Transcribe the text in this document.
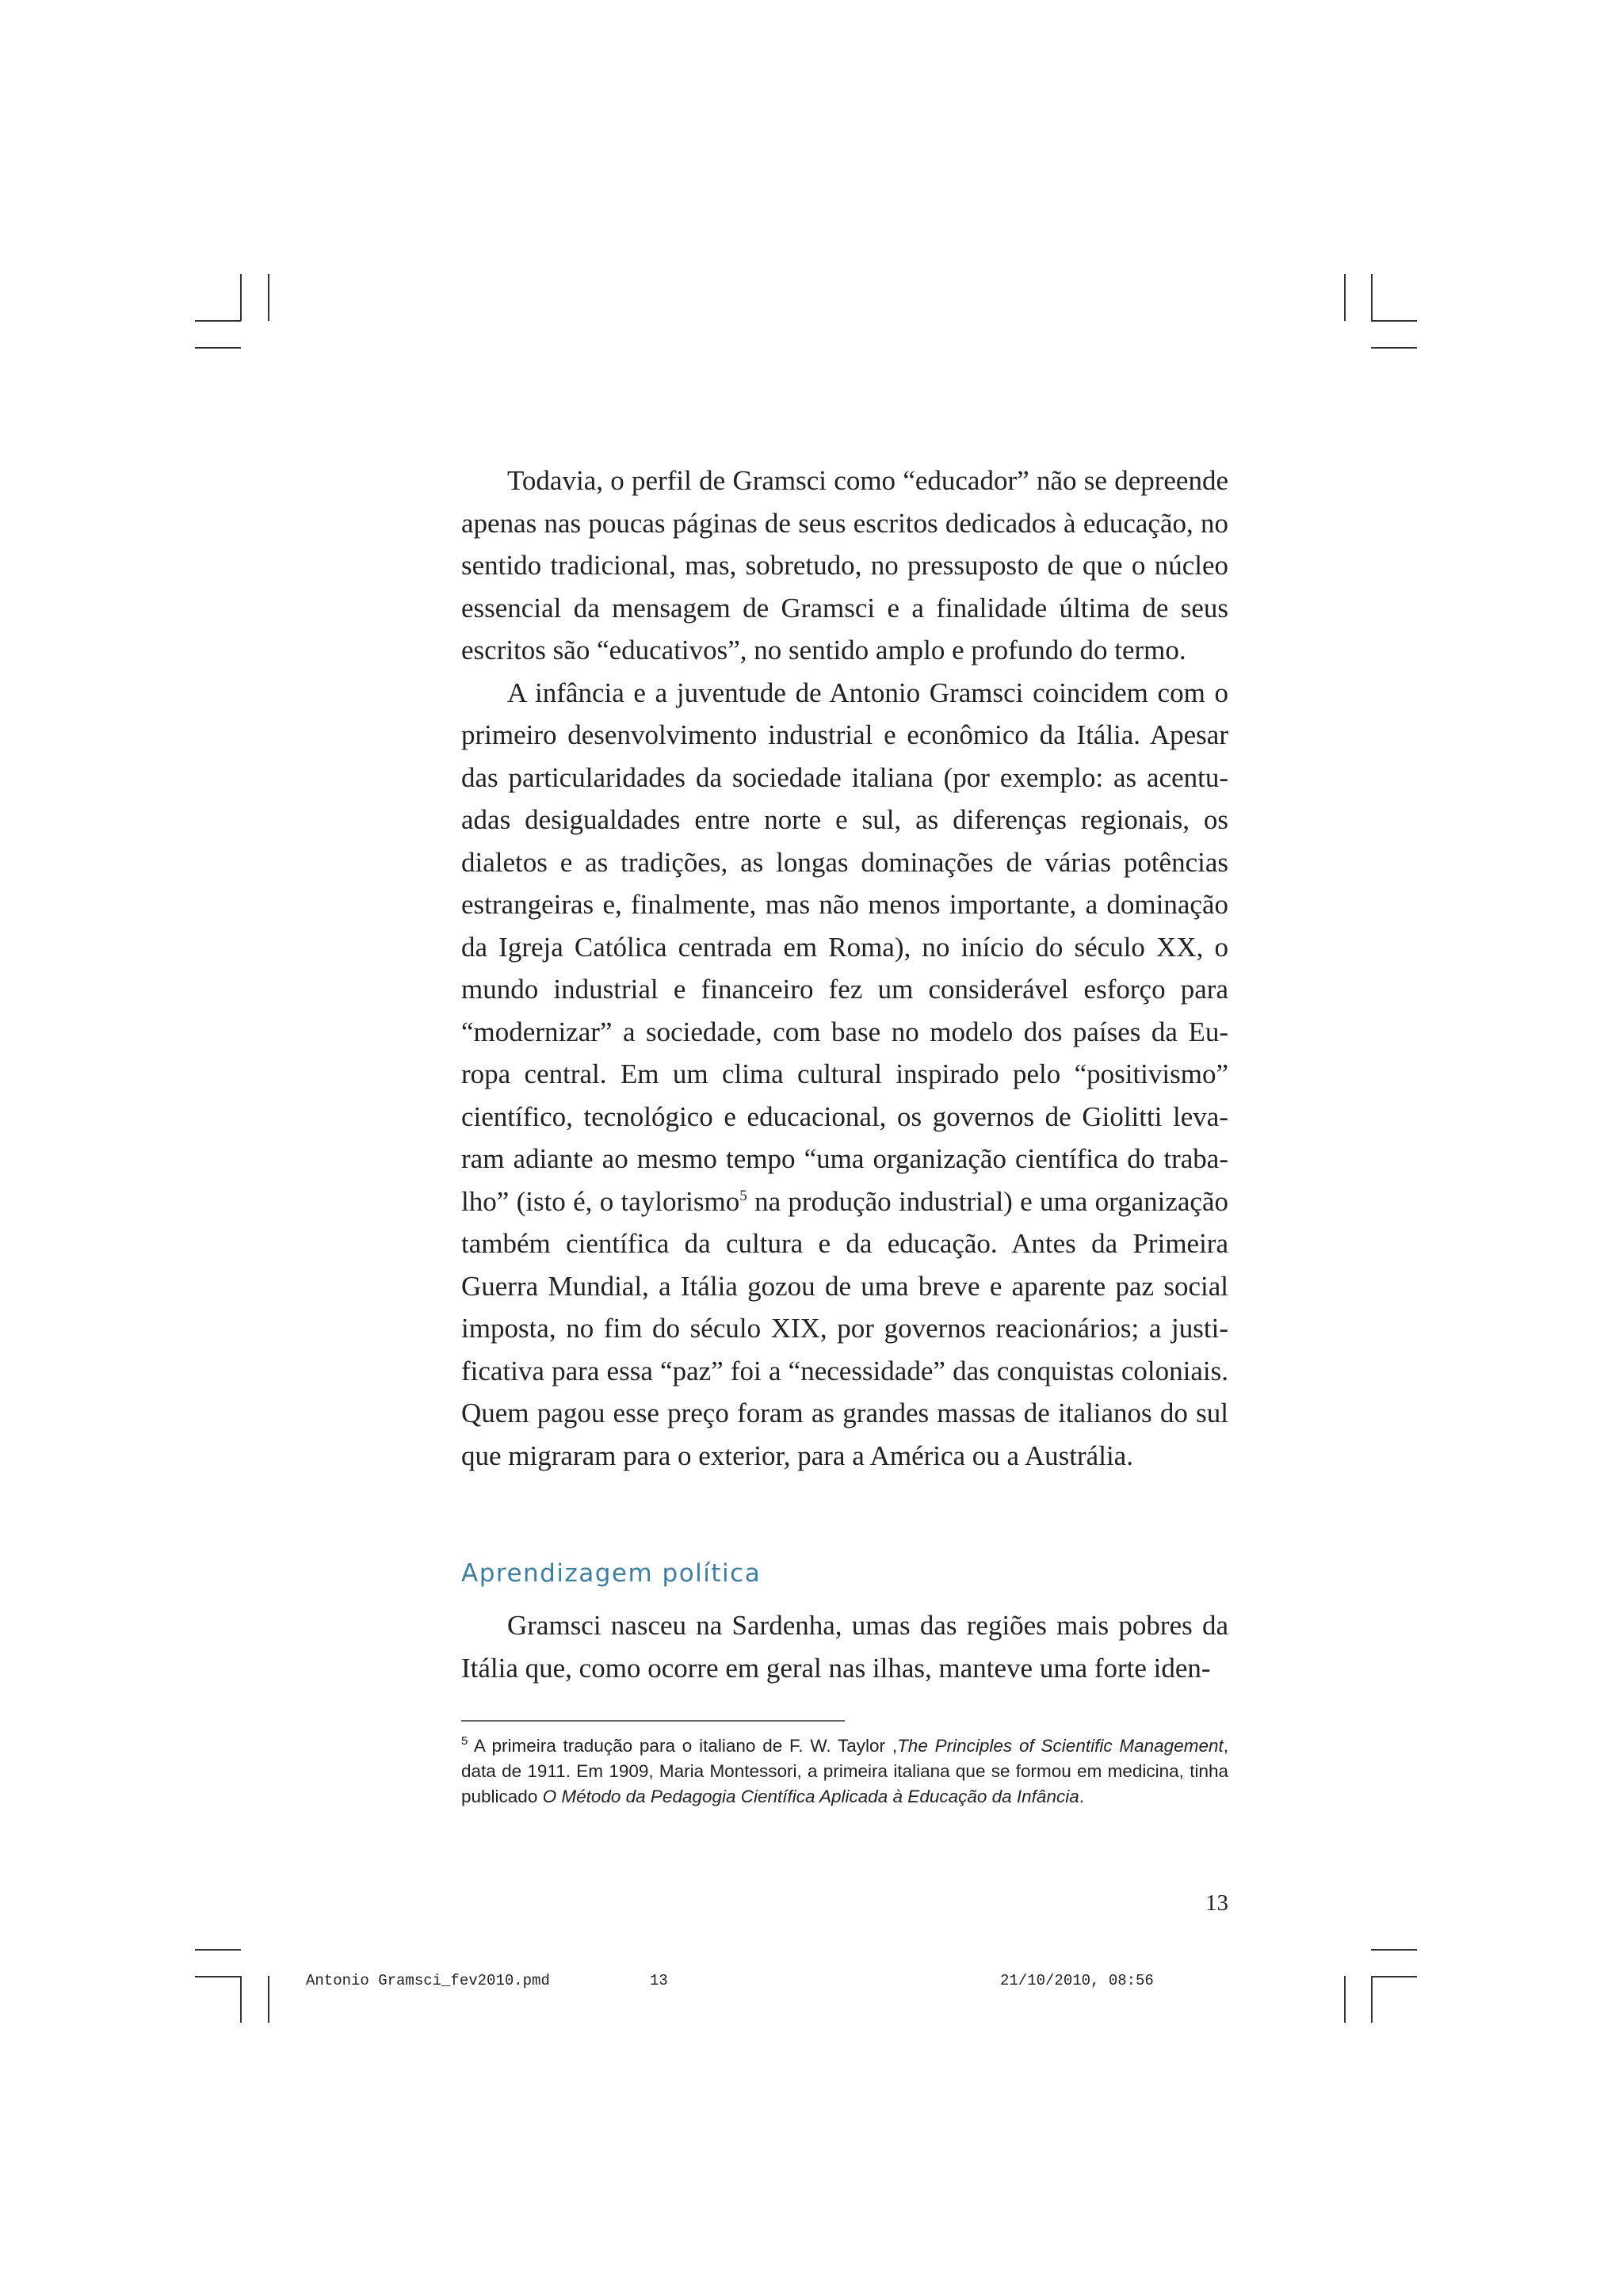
Todavia, o perfil de Gramsci como “educador” não se depreende apenas nas poucas páginas de seus escritos dedicados à educação, no sentido tradicional, mas, sobretudo, no pressuposto de que o núcleo essencial da mensagem de Gramsci e a finalidade última de seus escritos são “educativos”, no sentido amplo e profundo do termo.

A infância e a juventude de Antonio Gramsci coincidem com o primeiro desenvolvimento industrial e econômico da Itália. Apesar das particularidades da sociedade italiana (por exemplo: as acentuadas desigualdades entre norte e sul, as diferenças regionais, os dialetos e as tradições, as longas dominações de várias potências estrangeiras e, finalmente, mas não menos importante, a dominação da Igreja Católica centrada em Roma), no início do século XX, o mundo industrial e financeiro fez um considerável esforço para “modernizar” a sociedade, com base no modelo dos países da Europa central. Em um clima cultural inspirado pelo “positivismo” científico, tecnológico e educacional, os governos de Giolitti levaram adiante ao mesmo tempo “uma organização científica do trabalho” (isto é, o taylorismo$^5$ na produção industrial) e uma organização também científica da cultura e da educação. Antes da Primeira Guerra Mundial, a Itália gozou de uma breve e aparente paz social imposta, no fim do século XIX, por governos reacionários; a justificativa para essa “paz” foi a “necessidade” das conquistas coloniais. Quem pagou esse preço foram as grandes massas de italianos do sul que migraram para o exterior, para a América ou a Austrália.

Aprendizagem política

Gramsci nasceu na Sardenha, umas das regiões mais pobres da Itália que, como ocorre em geral nas ilhas, manteve uma forte iden-

$^5$ A primeira tradução para o italiano de F. W. Taylor ,The Principles of Scientific Management, data de 1911. Em 1909, Maria Montessori, a primeira italiana que se formou em medicina, tinha publicado O Método da Pedagogia Científica Aplicada à Educação da Infância.
13
Antonio Gramsci_fev2010.pmd	13	21/10/2010, 08:56
